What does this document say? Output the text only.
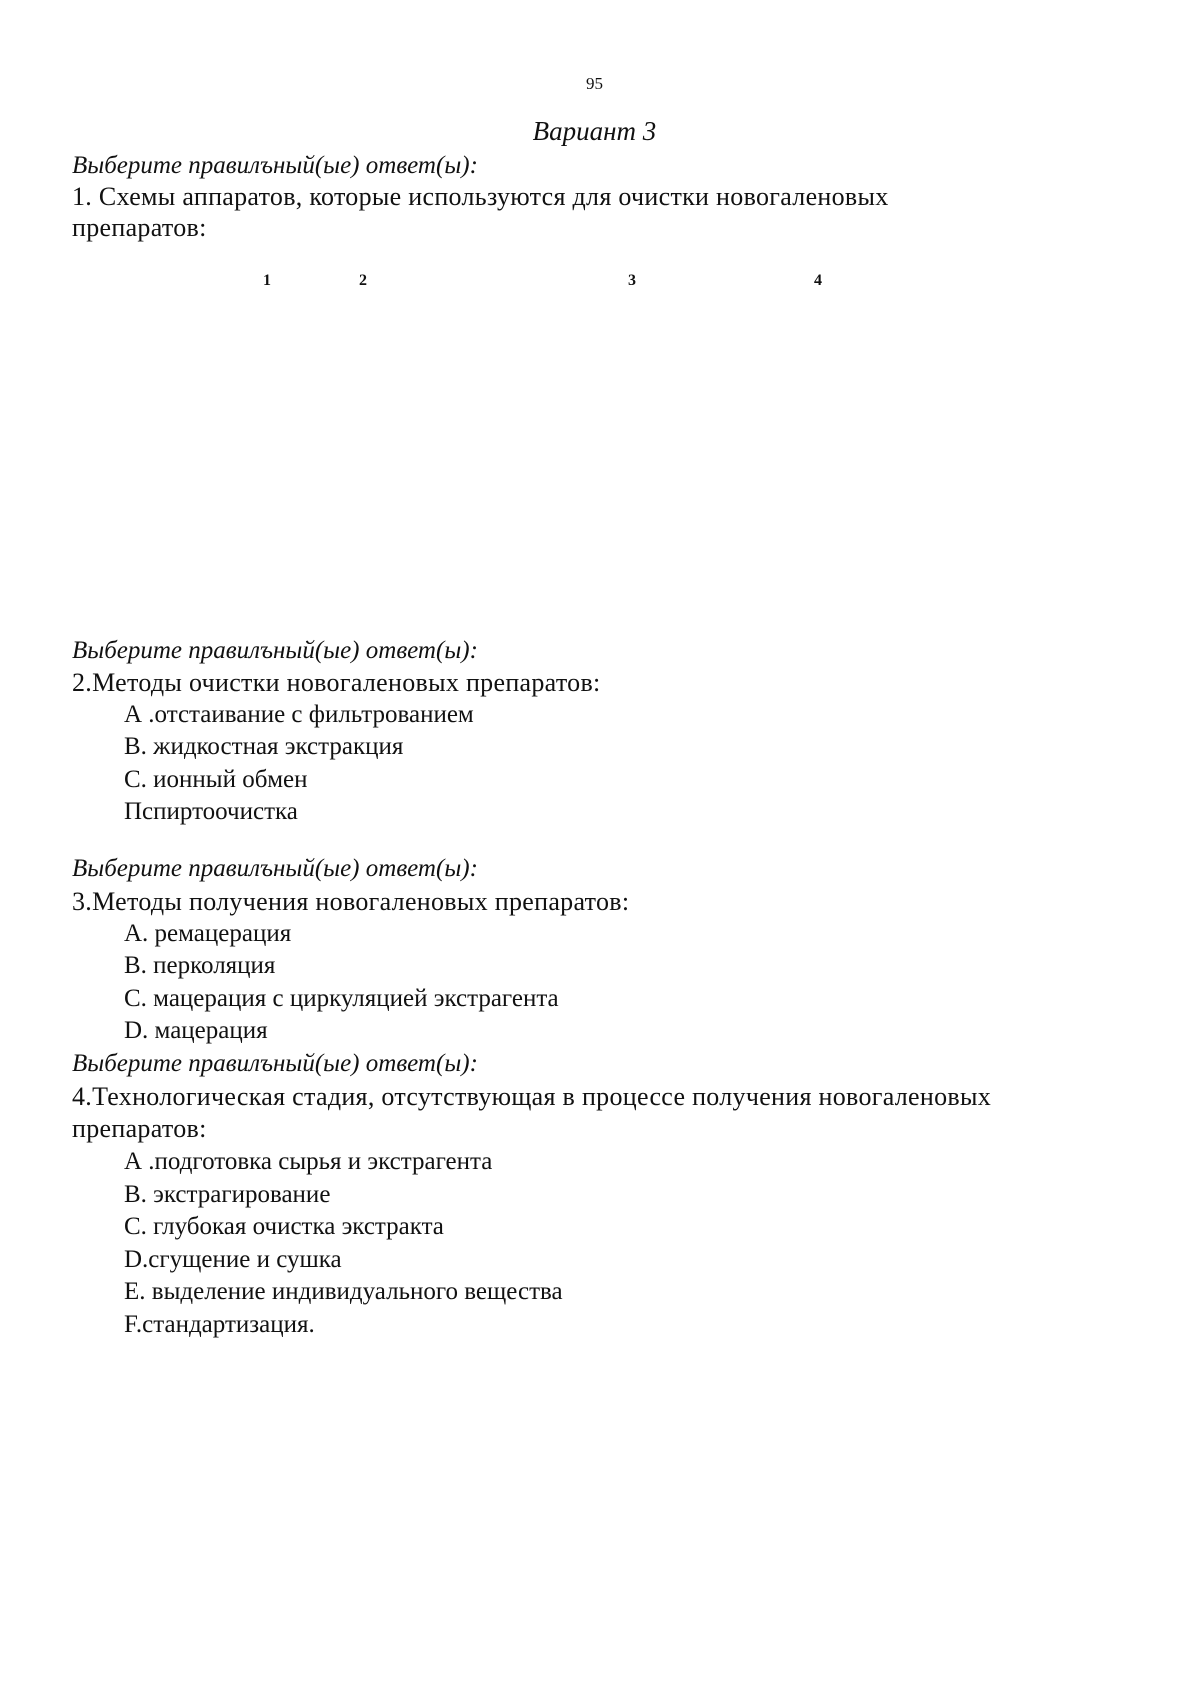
95
Вариант 3
Выберите правилъный(ые) ответ(ы):
1. Схемы аппаратов, которые используются для очистки новогаленовых
препаратов:
1	2	3	4
Выберите правилъный(ые) ответ(ы):
2.Методы очистки новогаленовых препаратов:
А .отстаивание с фильтрованием
В. жидкостная экстракция
С. ионный обмен
Пспиртоочистка
Выберите правилъный(ые) ответ(ы):
3.Методы получения новогаленовых препаратов:
А. ремацерация
В. перколяция
С. мацерация с циркуляцией экстрагента
D. мацерация
Выберите правилъный(ые) ответ(ы):
4.Технологическая стадия, отсутствующая в процессе получения новогаленовых
препаратов:
А .подготовка сырья и экстрагента
В. экстрагирование
С. глубокая очистка экстракта
D.сгущение и сушка
Е. выделение индивидуального вещества
F.стандартизация.
